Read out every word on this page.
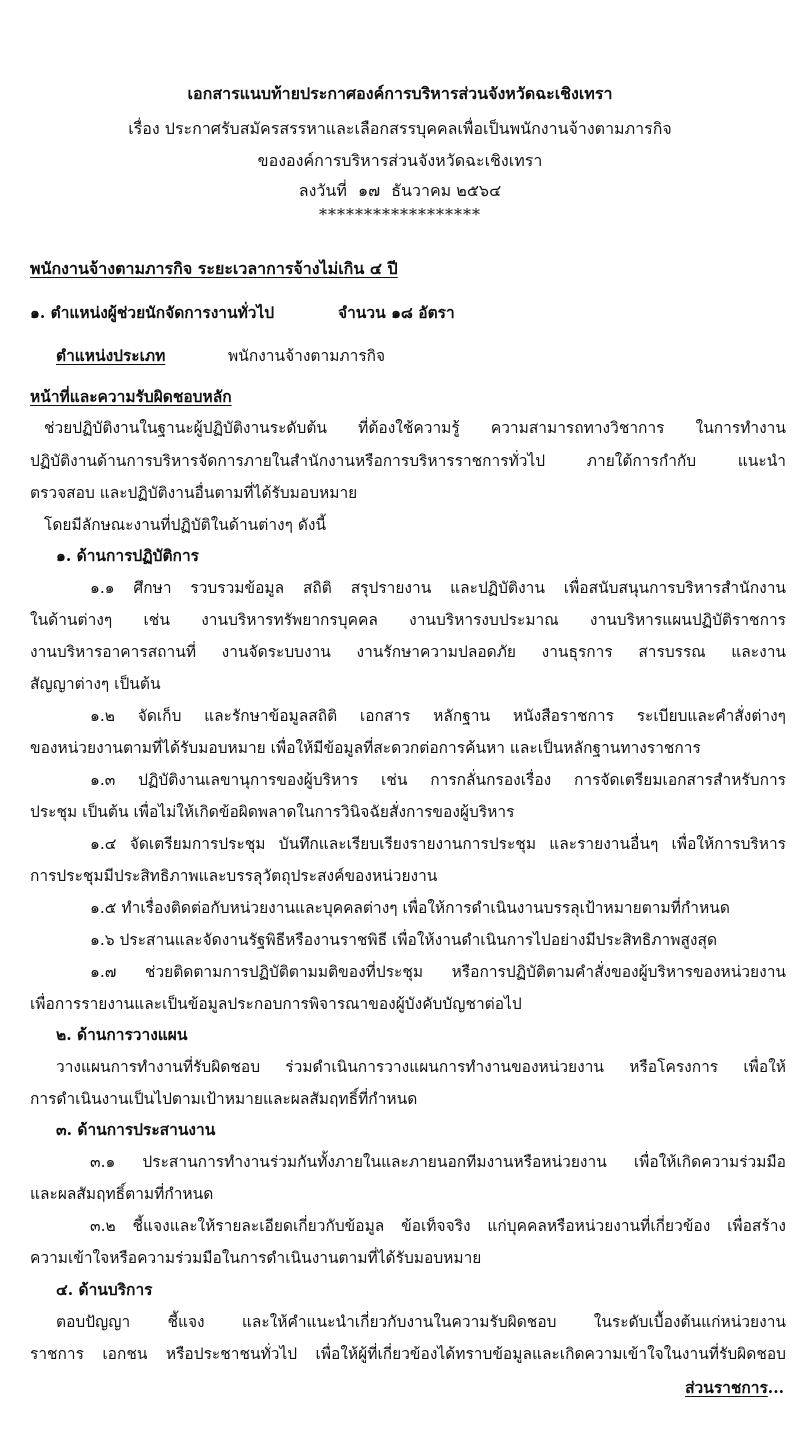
เอกสารแนบท้ายประกาศองค์การบริหารส่วนจังหวัดฉะเชิงเทรา
เรื่อง ประกาศรับสมัครสรรหาและเลือกสรรบุคคลเพื่อเป็นพนักงานจ้างตามภารกิจ
ขององค์การบริหารส่วนจังหวัดฉะเชิงเทรา
ลงวันที่ ๑๗ ธันวาคม ๒๕๖๔
******************
พนักงานจ้างตามภารกิจ ระยะเวลาการจ้างไม่เกิน ๔ ปี
๑. ตำแหน่งผู้ช่วยนักจัดการงานทั่วไป	จำนวน ๑๘ อัตรา
ตำแหน่งประเภท	พนักงานจ้างตามภารกิจ
หน้าที่และความรับผิดชอบหลัก
ช่วยปฏิบัติงานในฐานะผู้ปฏิบัติงานระดับต้น ที่ต้องใช้ความรู้ ความสามารถทางวิชาการ ในการทำงาน
ปฏิบัติงานด้านการบริหารจัดการภายในสำนักงานหรือการบริหารราชการทั่วไป ภายใต้การกำกับ แนะนำ
ตรวจสอบ และปฏิบัติงานอื่นตามที่ได้รับมอบหมาย
โดยมีลักษณะงานที่ปฏิบัติในด้านต่างๆ ดังนี้
๑. ด้านการปฏิบัติการ
๑.๑ ศึกษา รวบรวมข้อมูล สถิติ สรุปรายงาน และปฏิบัติงาน เพื่อสนับสนุนการบริหารสำนักงาน
ในด้านต่างๆ เช่น งานบริหารทรัพยากรบุคคล งานบริหารงบประมาณ งานบริหารแผนปฏิบัติราชการ
งานบริหารอาคารสถานที่ งานจัดระบบงาน งานรักษาความปลอดภัย งานธุรการ สารบรรณ และงาน
สัญญาต่างๆ เป็นต้น
๑.๒ จัดเก็บ และรักษาข้อมูลสถิติ เอกสาร หลักฐาน หนังสือราชการ ระเบียบและคำสั่งต่างๆ
ของหน่วยงานตามที่ได้รับมอบหมาย เพื่อให้มีข้อมูลที่สะดวกต่อการค้นหา และเป็นหลักฐานทางราชการ
๑.๓ ปฏิบัติงานเลขานุการของผู้บริหาร เช่น การกลั่นกรองเรื่อง การจัดเตรียมเอกสารสำหรับการ
ประชุม เป็นต้น เพื่อไม่ให้เกิดข้อผิดพลาดในการวินิจฉัยสั่งการของผู้บริหาร
๑.๔ จัดเตรียมการประชุม บันทึกและเรียบเรียงรายงานการประชุม และรายงานอื่นๆ เพื่อให้การบริหาร
การประชุมมีประสิทธิภาพและบรรลุวัตถุประสงค์ของหน่วยงาน
๑.๕ ทำเรื่องติดต่อกับหน่วยงานและบุคคลต่างๆ เพื่อให้การดำเนินงานบรรลุเป้าหมายตามที่กำหนด
๑.๖ ประสานและจัดงานรัฐพิธีหรืองานราชพิธี เพื่อให้งานดำเนินการไปอย่างมีประสิทธิภาพสูงสุด
๑.๗ ช่วยติดตามการปฏิบัติตามมติของที่ประชุม หรือการปฏิบัติตามคำสั่งของผู้บริหารของหน่วยงาน
เพื่อการรายงานและเป็นข้อมูลประกอบการพิจารณาของผู้บังคับบัญชาต่อไป
๒. ด้านการวางแผน
วางแผนการทำงานที่รับผิดชอบ ร่วมดำเนินการวางแผนการทำงานของหน่วยงาน หรือโครงการ เพื่อให้
การดำเนินงานเป็นไปตามเป้าหมายและผลสัมฤทธิ์ที่กำหนด
๓. ด้านการประสานงาน
๓.๑ ประสานการทำงานร่วมกันทั้งภายในและภายนอกทีมงานหรือหน่วยงาน เพื่อให้เกิดความร่วมมือ
และผลสัมฤทธิ์ตามที่กำหนด
๓.๒ ชี้แจงและให้รายละเอียดเกี่ยวกับข้อมูล ข้อเท็จจริง แก่บุคคลหรือหน่วยงานที่เกี่ยวข้อง เพื่อสร้าง
ความเข้าใจหรือความร่วมมือในการดำเนินงานตามที่ได้รับมอบหมาย
๔. ด้านบริการ
ตอบปัญญา ชี้แจง และให้คำแนะนำเกี่ยวกับงานในความรับผิดชอบ ในระดับเบื้องต้นแก่หน่วยงาน
ราชการ เอกชน หรือประชาชนทั่วไป เพื่อให้ผู้ที่เกี่ยวข้องได้ทราบข้อมูลและเกิดความเข้าใจในงานที่รับผิดชอบ
ส่วนราชการ...
